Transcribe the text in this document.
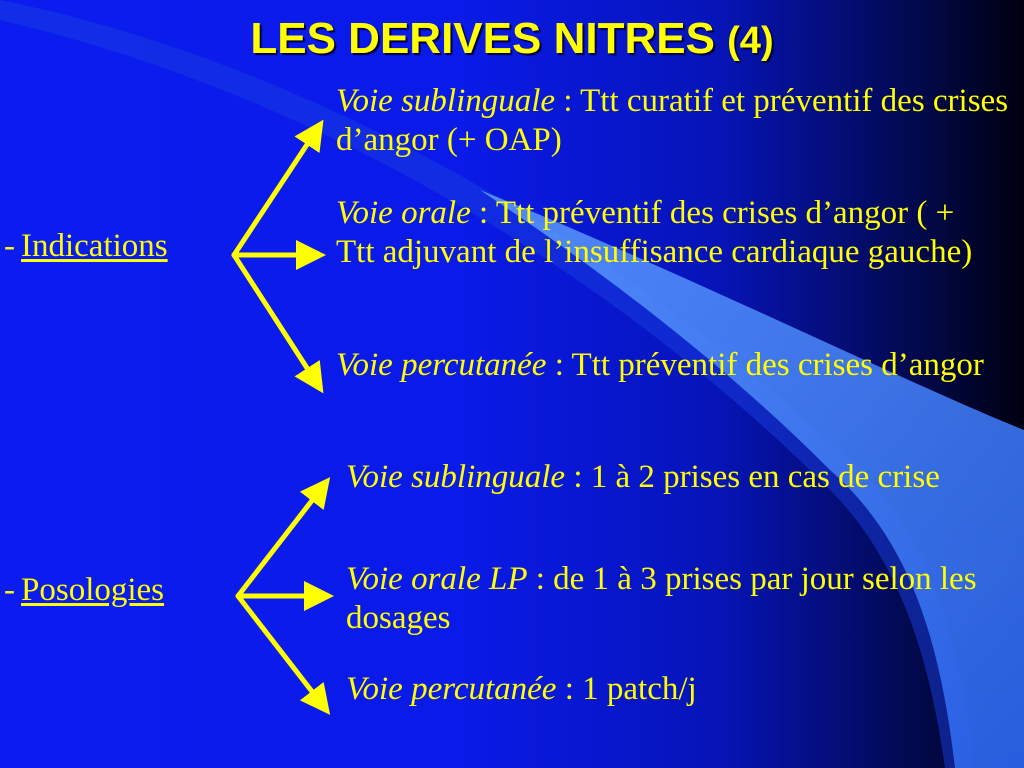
LES DERIVES NITRES (4)
- Indications
Voie sublinguale : Ttt curatif et préventif des crises d’angor (+ OAP)
Voie orale : Ttt préventif des crises d’angor ( + Ttt adjuvant de l’insuffisance cardiaque gauche)
Voie percutanée : Ttt préventif des crises d’angor
- Posologies
Voie sublinguale : 1 à 2 prises en cas de crise
Voie orale LP : de 1 à 3 prises par jour selon les dosages
Voie percutanée : 1 patch/j
